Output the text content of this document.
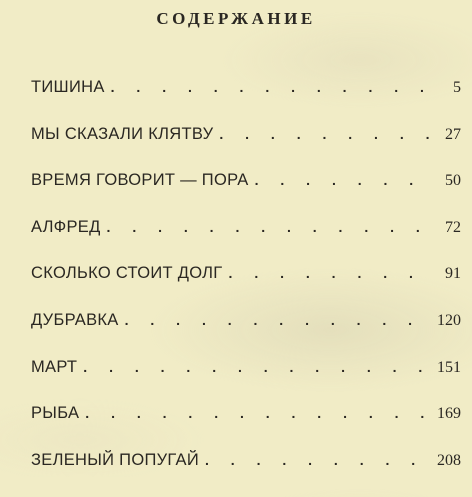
СОДЕРЖАНИЕ
ТИШИНА . . .	5
МЫ СКАЗАЛИ КЛЯТВУ . . .	27
ВРЕМЯ ГОВОРИТ — ПОРА . . .	50
АЛФРЕД . . .	72
СКОЛЬКО СТОИТ ДОЛГ . . .	91
ДУБРАВКА . . .	120
МАРТ . . .	151
РЫБА . . .	169
ЗЕЛЕНЫЙ ПОПУГАЙ . . .	208
